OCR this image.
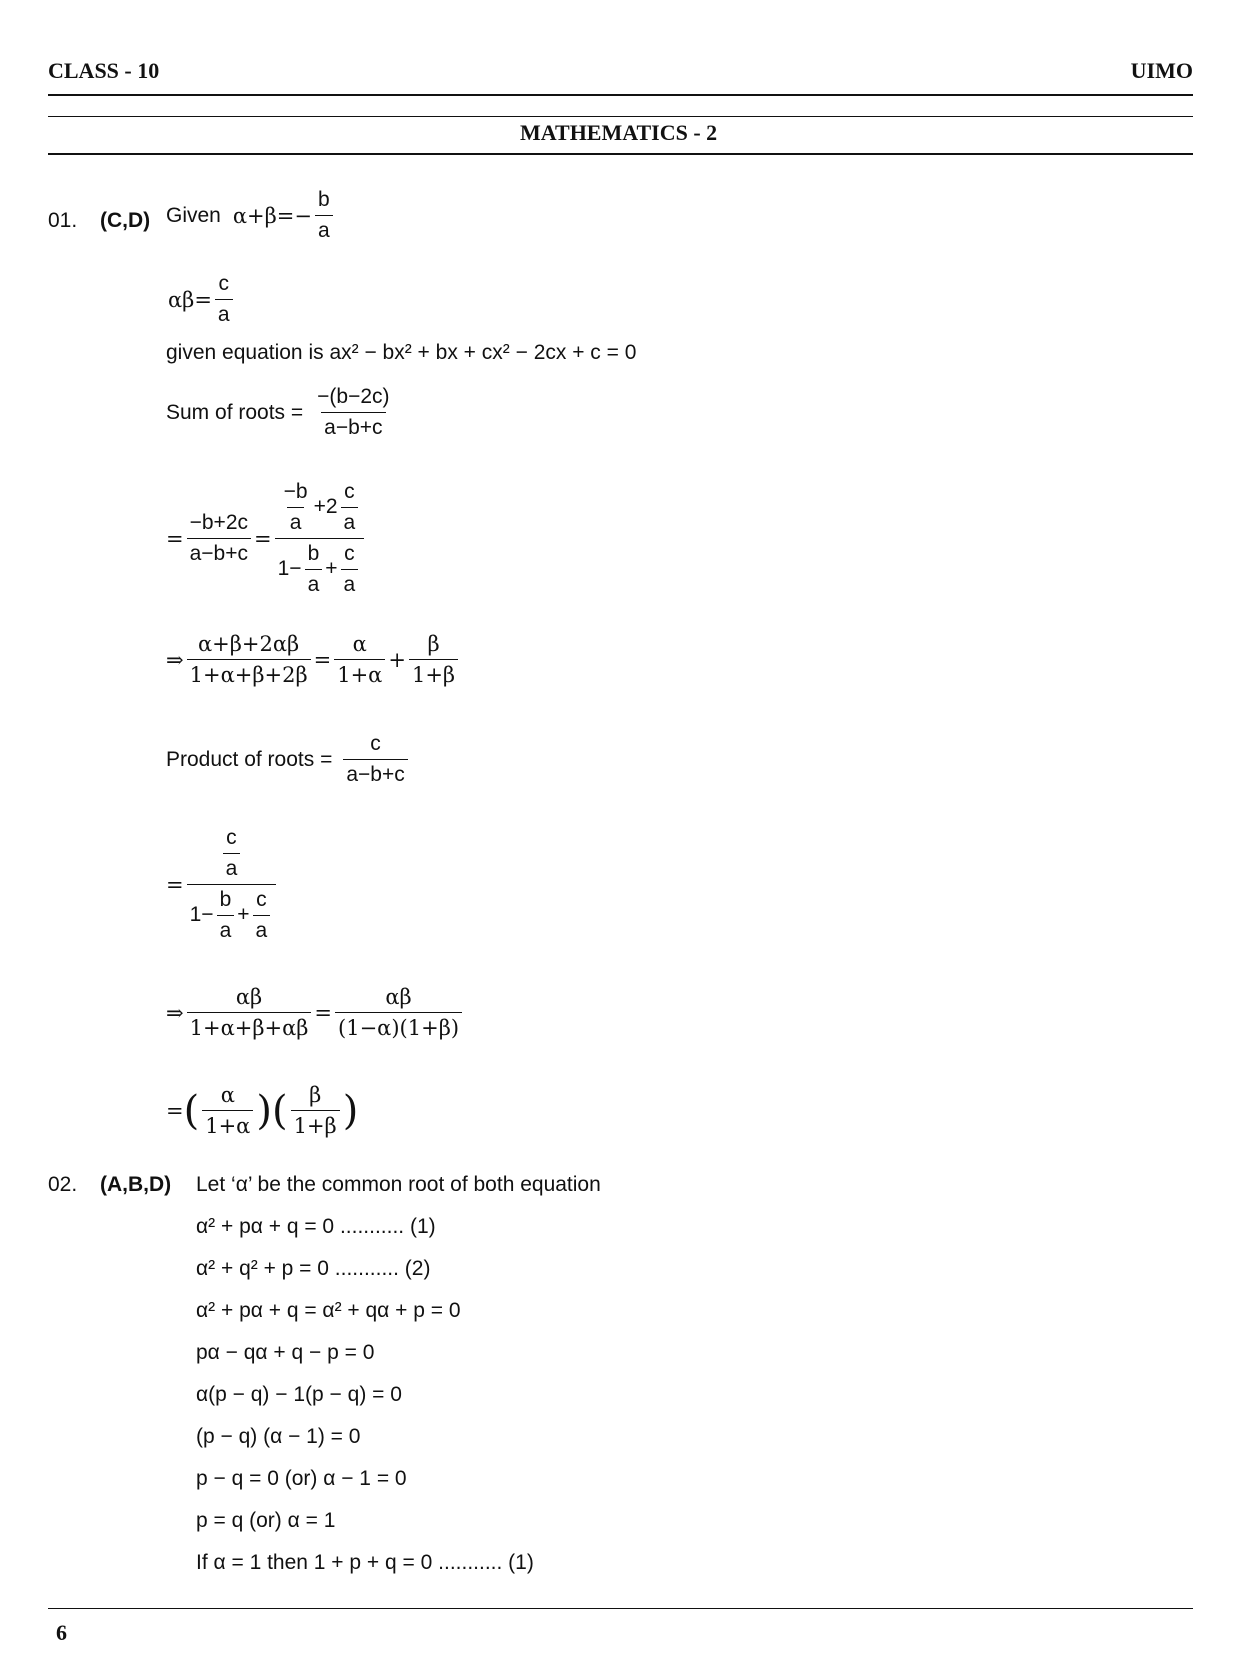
CLASS - 10	UIMO
MATHEMATICS - 2
01. (C,D) Given $\alpha+\beta=- \frac{b}{a}$
$\alpha\beta= \frac{c}{a}$
given equation is ax² − bx² + bx + cx² − 2cx + c = 0
Sum of roots = $\frac{-(b-2c)}{a-b+c}$
= $\frac{-b+2c}{a-b+c} = \frac{\frac{-b}{a} +2 \frac{c}{a}}{1- \frac{b}{a} + \frac{c}{a}}$
⇒ $\frac{\alpha+\beta+2\alpha\beta}{1+\alpha+\beta+2\beta} = \frac{\alpha}{1+\alpha} + \frac{\beta}{1+\beta}$
Product of roots = $\frac{c}{a-b+c}$
= $\frac{\frac{c}{a}}{1- \frac{b}{a} + \frac{c}{a}}$
⇒ $\frac{\alpha\beta}{1+\alpha+\beta+\alpha\beta} = \frac{\alpha\beta}{(1-\alpha)(1+\beta)}$
= ( $\frac{\alpha}{1+\alpha}$ ) ( $\frac{\beta}{1+\beta}$ )
02. (A,B,D) Let ‘α’ be the common root of both equation
α² + pα + q = 0 ........... (1)
α² + q² + p = 0 ........... (2)
α² + pα + q = α² + qα + p = 0
pα − qα + q − p = 0
α(p − q) − 1(p − q) = 0
(p − q) (α − 1) = 0
p − q = 0 (or) α − 1 = 0
p = q (or) α = 1
If α = 1 then 1 + p + q = 0 ........... (1)
6
